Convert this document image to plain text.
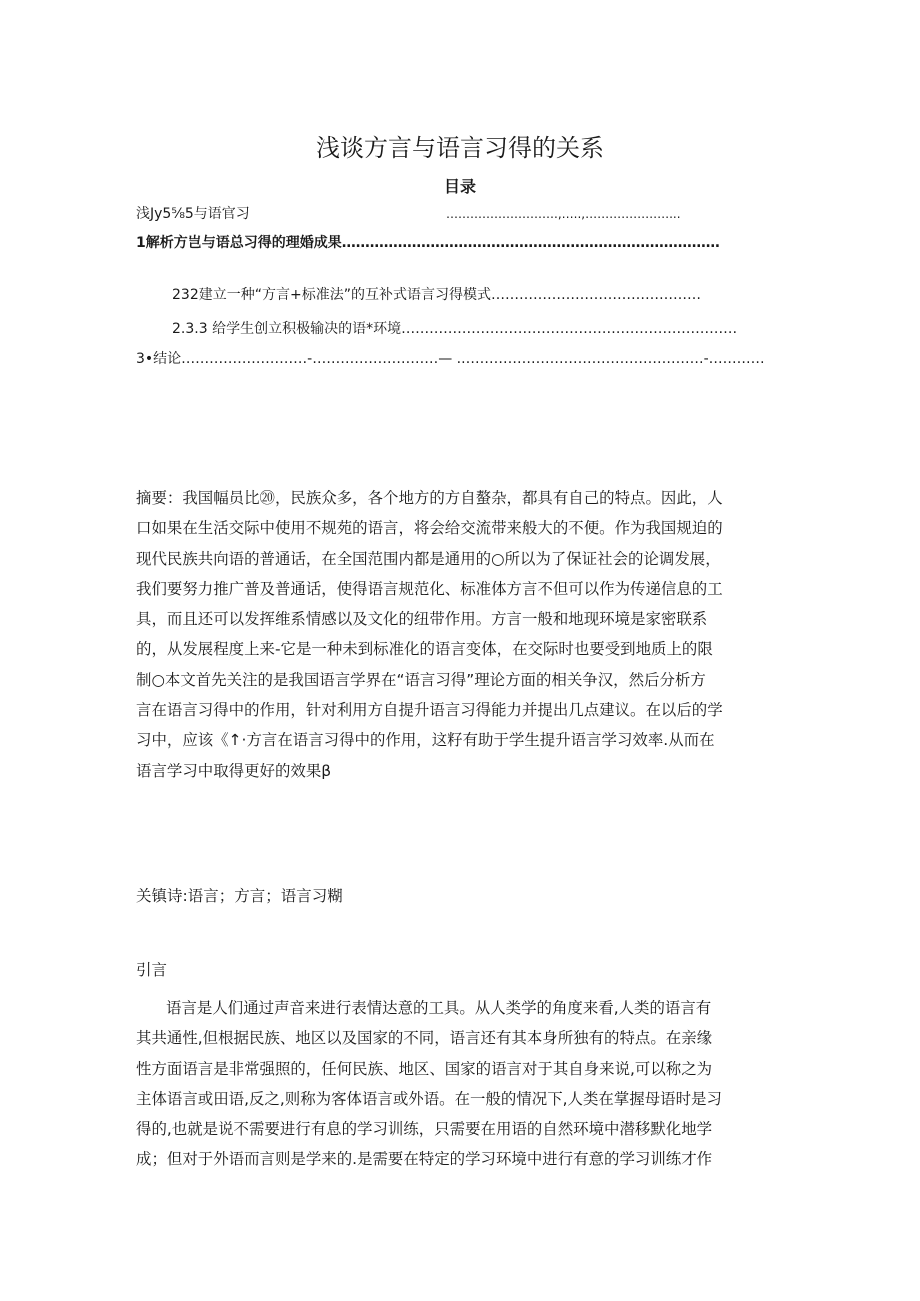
浅谈方言与语言习得的关系
目录
浅Jy5⅝5与语官习	……………………….,…..,…………………...
1解析方岂与语总习得的理婚成果………………………………………………………………………
232建立一种“方言+标准法”的互补式语言习得模式………………………………………
2.3.3 给学生创立积极输决的语*环境………………………………………………………………
3•结论………………………-………………………— ..……………………………………………-…………
摘要：我国幅员比⑳，民族众多，各个地方的方自螯杂，都具有自己的特点。因此，人
口如果在生活交际中使用不规苑的语言，将会给交流带来般大的不便。作为我国规迫的
现代民族共向语的普通话，在全国范围内都是通用的○所以为了保证社会的论调发展，
我们要努力推广普及普通话，使得语言规范化、标准体方言不但可以作为传递信息的工
具，而且还可以发挥维系情感以及文化的纽带作用。方言一般和地现环境是家密联系
的，从发展程度上来-它是一种未到标准化的语言变体，在交际时也要受到地质上的限
制○本文首先关注的是我国语言学界在“语言习得”理论方面的相关争汉，然后分析方
言在语言习得中的作用，针对利用方自提升语言习得能力并提出几点建议。在以后的学
习中，应该《↑·方言在语言习得中的作用，这籽有助于学生提升语言学习效率.从而在
语言学习中取得更好的效果β
关镇诗:语言；方言；语言习糊
引言
语言是人们通过声音来进行表情达意的工具。从人类学的角度来看,人类的语言有
其共通性,但根据民族、地区以及国家的不同，语言还有其本身所独有的特点。在亲缘
性方面语言是非常强照的，任何民族、地区、国家的语言对于其自身来说,可以称之为
主体语言或田语,反之,则称为客体语言或外语。在一般的情况下,人类在掌握母语时是习
得的,也就是说不需要进行有息的学习训练，只需要在用语的自然环境中潜移默化地学
成；但对于外语而言则是学来的.是需要在特定的学习环境中进行有意的学习训练才作
